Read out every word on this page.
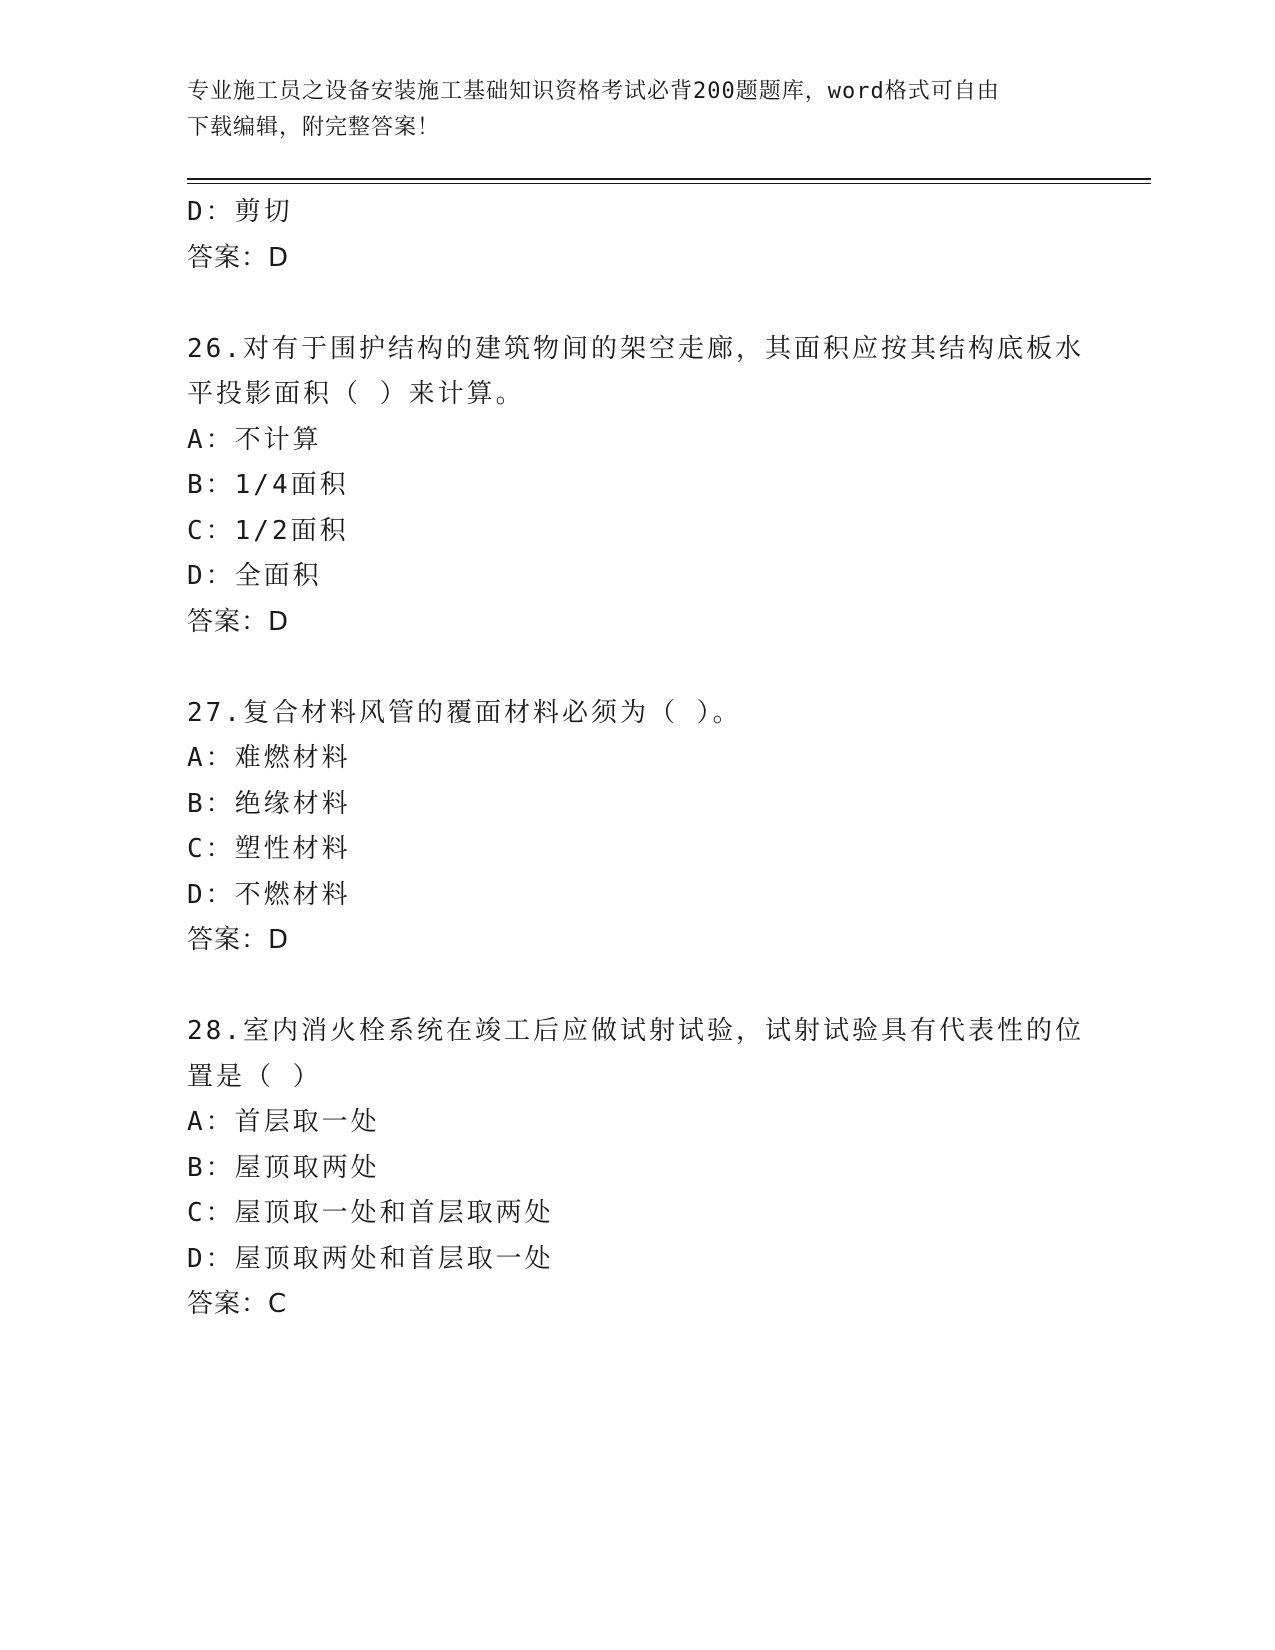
专业施工员之设备安装施工基础知识资格考试必背200题题库，word格式可自由
下载编辑，附完整答案！
D：剪切
答案：D
26.对有于围护结构的建筑物间的架空走廊，其面积应按其结构底板水
平投影面积（ ）来计算。
A：不计算
B：1/4面积
C：1/2面积
D：全面积
答案：D
27.复合材料风管的覆面材料必须为（ ）。
A：难燃材料
B：绝缘材料
C：塑性材料
D：不燃材料
答案：D
28.室内消火栓系统在竣工后应做试射试验，试射试验具有代表性的位
置是（ ）
A：首层取一处
B：屋顶取两处
C：屋顶取一处和首层取两处
D：屋顶取两处和首层取一处
答案：C
